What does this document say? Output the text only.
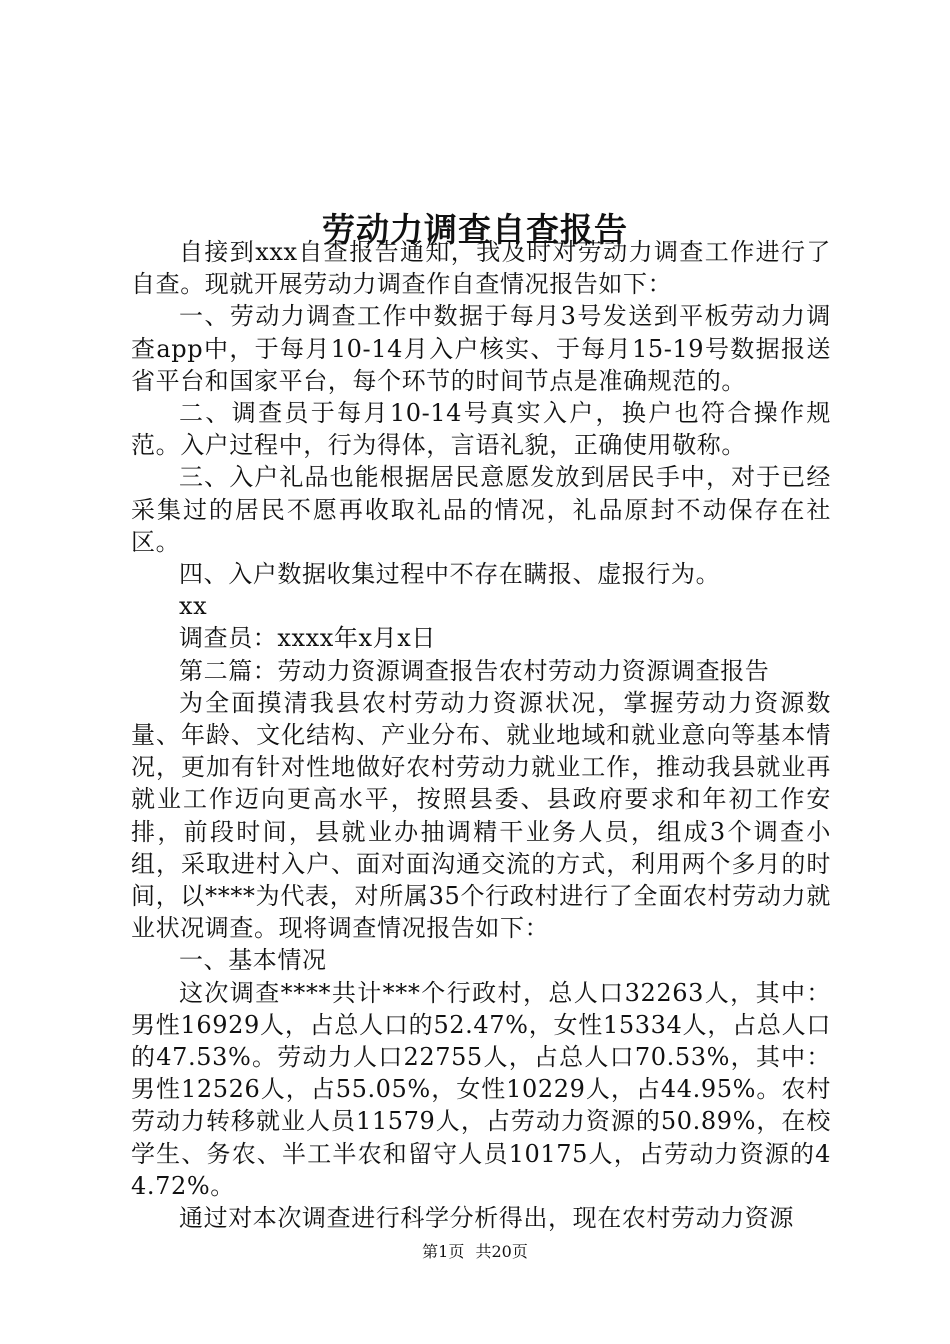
劳动力调查自查报告

自接到xxx自查报告通知，我及时对劳动力调查工作进行了自查。现就开展劳动力调查作自查情况报告如下：

一、劳动力调查工作中数据于每月3号发送到平板劳动力调查app中，于每月10-14月入户核实、于每月15-19号数据报送省平台和国家平台，每个环节的时间节点是准确规范的。

二、调查员于每月10-14号真实入户，换户也符合操作规范。入户过程中，行为得体，言语礼貌，正确使用敬称。

三、入户礼品也能根据居民意愿发放到居民手中，对于已经采集过的居民不愿再收取礼品的情况，礼品原封不动保存在社区。

四、入户数据收集过程中不存在瞒报、虚报行为。

xx

调查员：xxxx年x月x日

第二篇：劳动力资源调查报告农村劳动力资源调查报告

为全面摸清我县农村劳动力资源状况，掌握劳动力资源数量、年龄、文化结构、产业分布、就业地域和就业意向等基本情况，更加有针对性地做好农村劳动力就业工作，推动我县就业再就业工作迈向更高水平，按照县委、县政府要求和年初工作安排，前段时间，县就业办抽调精干业务人员，组成3个调查小组，采取进村入户、面对面沟通交流的方式，利用两个多月的时间，以****为代表，对所属35个行政村进行了全面农村劳动力就业状况调查。现将调查情况报告如下：

一、基本情况

这次调查****共计***个行政村，总人口32263人，其中：男性16929人，占总人口的52.47%，女性15334人，占总人口的47.53%。劳动力人口22755人，占总人口70.53%，其中：男性12526人，占55.05%，女性10229人，占44.95%。农村劳动力转移就业人员11579人，占劳动力资源的50.89%，在校学生、务农、半工半农和留守人员10175人，占劳动力资源的44.72%。

通过对本次调查进行科学分析得出，现在农村劳动力资源

第1页 共20页
